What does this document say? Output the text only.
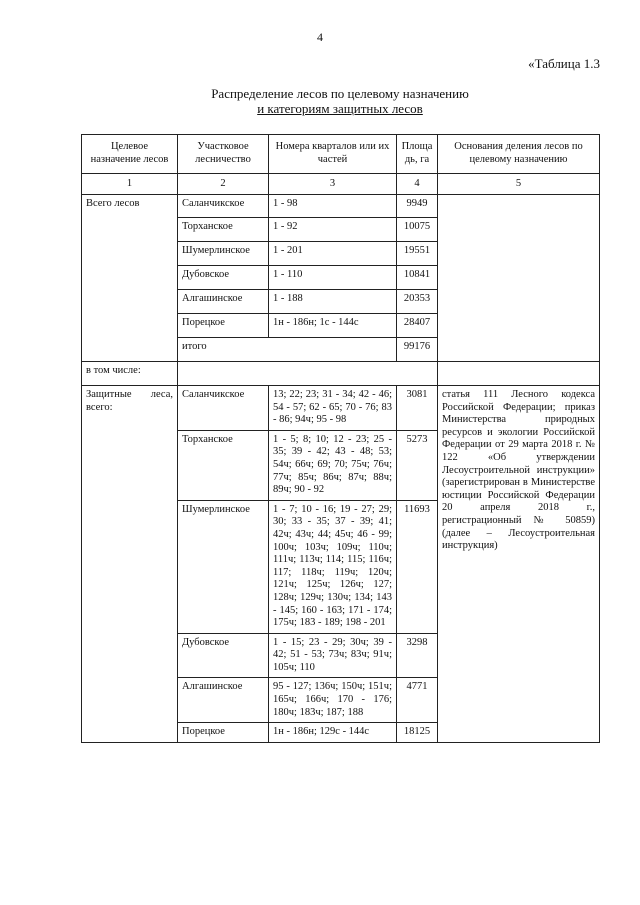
4
«Таблица 1.3
Распределение лесов по целевому назначению
и категориям защитных лесов
Целевое назначение лесов	Участковое лесничество	Номера кварталов или их частей	Площа дь, га	Основания деления лесов по целевому назначению
1	2	3	4	5
Всего лесов	Саланчикское	1 - 98	9949	
	Торханское	1 - 92	10075	
	Шумерлинское	1 - 201	19551	
	Дубовское	1 - 110	10841	
	Алгашинское	1 - 188	20353	
	Порецкое	1н - 186н; 1с - 144с	28407	
	итого		99176	
в том числе:				
Защитные леса, всего:	Саланчикское	13; 22; 23; 31 - 34; 42 - 46; 54 - 57; 62 - 65; 70 - 76; 83 - 86; 94ч; 95 - 98	3081	статья 111 Лесного кодекса Российской Федерации; приказ Министерства природных ресурсов и экологии Российской Федерации от 29 марта 2018 г. № 122 «Об утверждении Лесоустроительной инструкции» (зарегистрирован в Министерстве юстиции Российской Федерации 20 апреля 2018 г., регистрационный № 50859) (далее – Лесоустроительная инструкция)
	Торханское	1 - 5; 8; 10; 12 - 23; 25 - 35; 39 - 42; 43 - 48; 53; 54ч; 66ч; 69; 70; 75ч; 76ч; 77ч; 85ч; 86ч; 87ч; 88ч; 89ч; 90 - 92	5273	
	Шумерлинское	1 - 7; 10 - 16; 19 - 27; 29; 30; 33 - 35; 37 - 39; 41; 42ч; 43ч; 44; 45ч; 46 - 99; 100ч; 103ч; 109ч; 110ч; 111ч; 113ч; 114; 115; 116ч; 117; 118ч; 119ч; 120ч; 121ч; 125ч; 126ч; 127; 128ч; 129ч; 130ч; 134; 143 - 145; 160 - 163; 171 - 174; 175ч; 183 - 189; 198 - 201	11693	
	Дубовское	1 - 15; 23 - 29; 30ч; 39 - 42; 51 - 53; 73ч; 83ч; 91ч; 105ч; 110	3298	
	Алгашинское	95 - 127; 136ч; 150ч; 151ч; 165ч; 166ч; 170 - 176; 180ч; 183ч; 187; 188	4771	
	Порецкое	1н - 186н; 129с - 144с	18125	
